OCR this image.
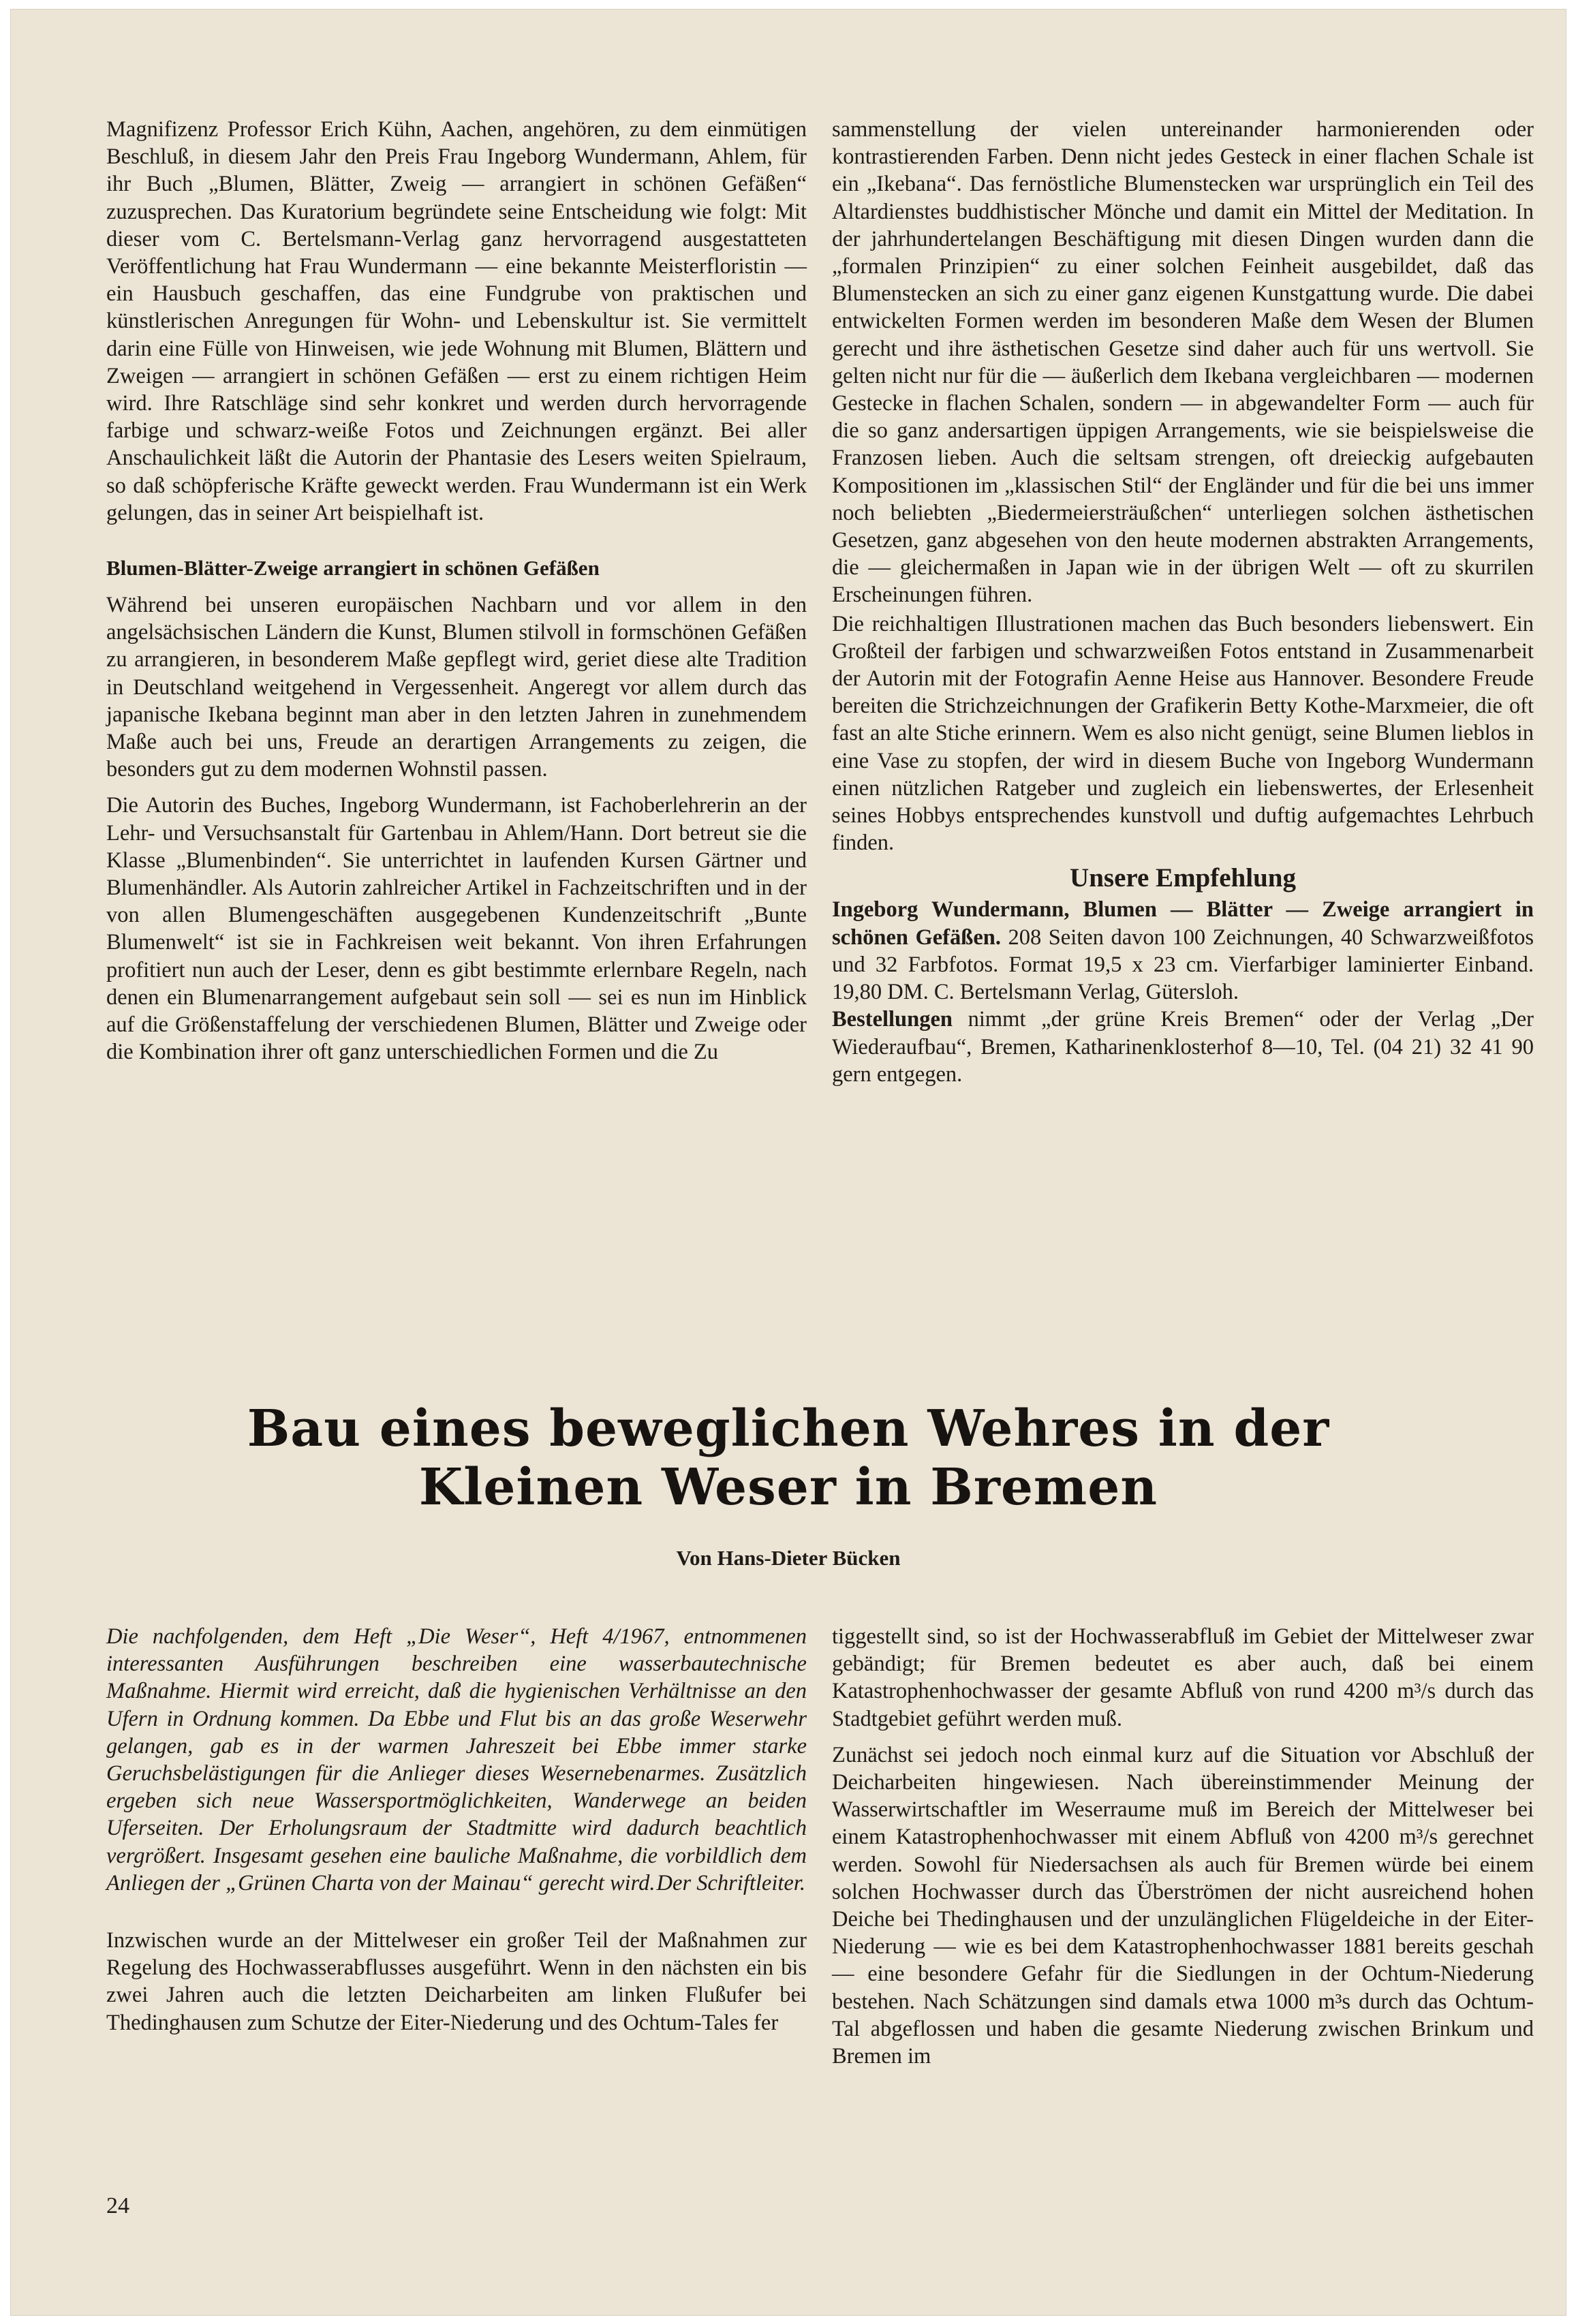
Magnifizenz Professor Erich Kühn, Aachen, angehören, zu dem einmütigen Beschluß, in diesem Jahr den Preis Frau Ingeborg Wundermann, Ahlem, für ihr Buch „Blumen, Blätter, Zweig — arrangiert in schönen Gefäßen“ zuzusprechen. Das Kuratorium begründete seine Entscheidung wie folgt: Mit dieser vom C. Bertelsmann-Verlag ganz hervorragend ausgestatteten Veröffentlichung hat Frau Wundermann — eine bekannte Meisterfloristin — ein Hausbuch geschaffen, das eine Fundgrube von praktischen und künstlerischen Anregungen für Wohn- und Lebenskultur ist. Sie vermittelt darin eine Fülle von Hinweisen, wie jede Wohnung mit Blumen, Blättern und Zweigen — arrangiert in schönen Gefäßen — erst zu einem richtigen Heim wird. Ihre Ratschläge sind sehr konkret und werden durch hervorragende farbige und schwarz-weiße Fotos und Zeichnungen ergänzt. Bei aller Anschaulichkeit läßt die Autorin der Phantasie des Lesers weiten Spielraum, so daß schöpferische Kräfte geweckt werden. Frau Wundermann ist ein Werk gelungen, das in seiner Art beispielhaft ist.

Blumen-Blätter-Zweige arrangiert in schönen Gefäßen

Während bei unseren europäischen Nachbarn und vor allem in den angelsächsischen Ländern die Kunst, Blumen stilvoll in formschönen Gefäßen zu arrangieren, in besonderem Maße gepflegt wird, geriet diese alte Tradition in Deutschland weitgehend in Vergessenheit. Angeregt vor allem durch das japanische Ikebana beginnt man aber in den letzten Jahren in zunehmendem Maße auch bei uns, Freude an derartigen Arrangements zu zeigen, die besonders gut zu dem modernen Wohnstil passen.

Die Autorin des Buches, Ingeborg Wundermann, ist Fachoberlehrerin an der Lehr- und Versuchsanstalt für Gartenbau in Ahlem/Hann. Dort betreut sie die Klasse „Blumenbinden“. Sie unterrichtet in laufenden Kursen Gärtner und Blumenhändler. Als Autorin zahlreicher Artikel in Fachzeitschriften und in der von allen Blumengeschäften ausgegebenen Kundenzeitschrift „Bunte Blumenwelt“ ist sie in Fachkreisen weit bekannt. Von ihren Erfahrungen profitiert nun auch der Leser, denn es gibt bestimmte erlernbare Regeln, nach denen ein Blumenarrangement aufgebaut sein soll — sei es nun im Hinblick auf die Größenstaffelung der verschiedenen Blumen, Blätter und Zweige oder die Kombination ihrer oft ganz unterschiedlichen Formen und die Zu

sammenstellung der vielen untereinander harmonierenden oder kontrastierenden Farben. Denn nicht jedes Gesteck in einer flachen Schale ist ein „Ikebana“. Das fernöstliche Blumenstecken war ursprünglich ein Teil des Altardienstes buddhistischer Mönche und damit ein Mittel der Meditation. In der jahrhundertelangen Beschäftigung mit diesen Dingen wurden dann die „formalen Prinzipien“ zu einer solchen Feinheit ausgebildet, daß das Blumenstecken an sich zu einer ganz eigenen Kunstgattung wurde. Die dabei entwickelten Formen werden im besonderen Maße dem Wesen der Blumen gerecht und ihre ästhetischen Gesetze sind daher auch für uns wertvoll. Sie gelten nicht nur für die — äußerlich dem Ikebana vergleichbaren — modernen Gestecke in flachen Schalen, sondern — in abgewandelter Form — auch für die so ganz andersartigen üppigen Arrangements, wie sie beispielsweise die Franzosen lieben. Auch die seltsam strengen, oft dreieckig aufgebauten Kompositionen im „klassischen Stil“ der Engländer und für die bei uns immer noch beliebten „Biedermeiersträußchen“ unterliegen solchen ästhetischen Gesetzen, ganz abgesehen von den heute modernen abstrakten Arrangements, die — gleichermaßen in Japan wie in der übrigen Welt — oft zu skurrilen Erscheinungen führen.

Die reichhaltigen Illustrationen machen das Buch besonders liebenswert. Ein Großteil der farbigen und schwarzweißen Fotos entstand in Zusammenarbeit der Autorin mit der Fotografin Aenne Heise aus Hannover. Besondere Freude bereiten die Strichzeichnungen der Grafikerin Betty Kothe-Marxmeier, die oft fast an alte Stiche erinnern. Wem es also nicht genügt, seine Blumen lieblos in eine Vase zu stopfen, der wird in diesem Buche von Ingeborg Wundermann einen nützlichen Ratgeber und zugleich ein liebenswertes, der Erlesenheit seines Hobbys entsprechendes kunstvoll und duftig aufgemachtes Lehrbuch finden.

Unsere Empfehlung

Ingeborg Wundermann, Blumen — Blätter — Zweige arrangiert in schönen Gefäßen. 208 Seiten davon 100 Zeichnungen, 40 Schwarzweißfotos und 32 Farbfotos. Format 19,5 x 23 cm. Vierfarbiger laminierter Einband. 19,80 DM. C. Bertelsmann Verlag, Gütersloh.

Bestellungen nimmt „der grüne Kreis Bremen“ oder der Verlag „Der Wiederaufbau“, Bremen, Katharinenklosterhof 8—10, Tel. (04 21) 32 41 90 gern entgegen.

Bau eines beweglichen Wehres in der
Kleinen Weser in Bremen
Von Hans-Dieter Bücken

Die nachfolgenden, dem Heft „Die Weser“, Heft 4/1967, entnommenen interessanten Ausführungen beschreiben eine wasserbautechnische Maßnahme. Hiermit wird erreicht, daß die hygienischen Verhältnisse an den Ufern in Ordnung kommen. Da Ebbe und Flut bis an das große Weserwehr gelangen, gab es in der warmen Jahreszeit bei Ebbe immer starke Geruchsbelästigungen für die Anlieger dieses Wesernebenarmes. Zusätzlich ergeben sich neue Wassersportmöglichkeiten, Wanderwege an beiden Uferseiten. Der Erholungsraum der Stadtmitte wird dadurch beachtlich vergrößert. Insgesamt gesehen eine bauliche Maßnahme, die vorbildlich dem Anliegen der „Grünen Charta von der Mainau“ gerecht wird. Der Schriftleiter.

Inzwischen wurde an der Mittelweser ein großer Teil der Maßnahmen zur Regelung des Hochwasserabflusses ausgeführt. Wenn in den nächsten ein bis zwei Jahren auch die letzten Deicharbeiten am linken Flußufer bei Thedinghausen zum Schutze der Eiter-Niederung und des Ochtum-Tales fer

tiggestellt sind, so ist der Hochwasserabfluß im Gebiet der Mittelweser zwar gebändigt; für Bremen bedeutet es aber auch, daß bei einem Katastrophenhochwasser der gesamte Abfluß von rund 4200 m³/s durch das Stadtgebiet geführt werden muß.

Zunächst sei jedoch noch einmal kurz auf die Situation vor Abschluß der Deicharbeiten hingewiesen. Nach übereinstimmender Meinung der Wasserwirtschaftler im Weserraume muß im Bereich der Mittelweser bei einem Katastrophenhochwasser mit einem Abfluß von 4200 m³/s gerechnet werden. Sowohl für Niedersachsen als auch für Bremen würde bei einem solchen Hochwasser durch das Überströmen der nicht ausreichend hohen Deiche bei Thedinghausen und der unzulänglichen Flügeldeiche in der Eiter-Niederung — wie es bei dem Katastrophenhochwasser 1881 bereits geschah — eine besondere Gefahr für die Siedlungen in der Ochtum-Niederung bestehen. Nach Schätzungen sind damals etwa 1000 m³s durch das Ochtum-Tal abgeflossen und haben die gesamte Niederung zwischen Brinkum und Bremen im

24
